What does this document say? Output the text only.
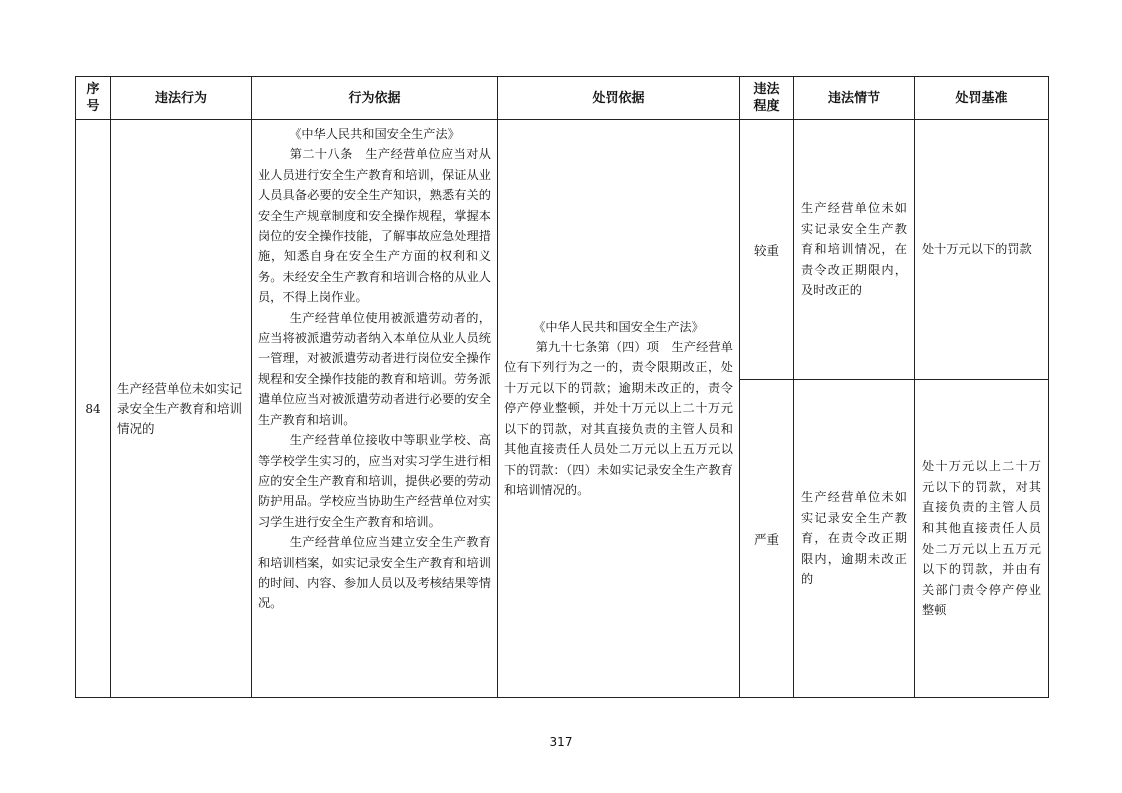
序号	违法行为	行为依据	处罚依据	违法程度	违法情节	处罚基准
84	生产经营单位未如实记录安全生产教育和培训情况的	《中华人民共和国安全生产法》
第二十八条　生产经营单位应当对从业人员进行安全生产教育和培训，保证从业人员具备必要的安全生产知识，熟悉有关的安全生产规章制度和安全操作规程，掌握本岗位的安全操作技能，了解事故应急处理措施，知悉自身在安全生产方面的权利和义务。未经安全生产教育和培训合格的从业人员，不得上岗作业。
生产经营单位使用被派遣劳动者的，应当将被派遣劳动者纳入本单位从业人员统一管理，对被派遣劳动者进行岗位安全操作规程和安全操作技能的教育和培训。劳务派遣单位应当对被派遣劳动者进行必要的安全生产教育和培训。
生产经营单位接收中等职业学校、高等学校学生实习的，应当对实习学生进行相应的安全生产教育和培训，提供必要的劳动防护用品。学校应当协助生产经营单位对实习学生进行安全生产教育和培训。
生产经营单位应当建立安全生产教育和培训档案，如实记录安全生产教育和培训的时间、内容、参加人员以及考核结果等情况。	《中华人民共和国安全生产法》
第九十七条第（四）项　生产经营单位有下列行为之一的，责令限期改正，处十万元以下的罚款；逾期未改正的，责令停产停业整顿，并处十万元以上二十万元以下的罚款，对其直接负责的主管人员和其他直接责任人员处二万元以上五万元以下的罚款：（四）未如实记录安全生产教育和培训情况的。	较重	生产经营单位未如实记录安全生产教育和培训情况，在责令改正期限内，及时改正的	处十万元以下的罚款
				严重	生产经营单位未如实记录安全生产教育，在责令改正期限内，逾期未改正的	处十万元以上二十万元以下的罚款，对其直接负责的主管人员和其他直接责任人员处二万元以上五万元以下的罚款，并由有关部门责令停产停业整顿
317
